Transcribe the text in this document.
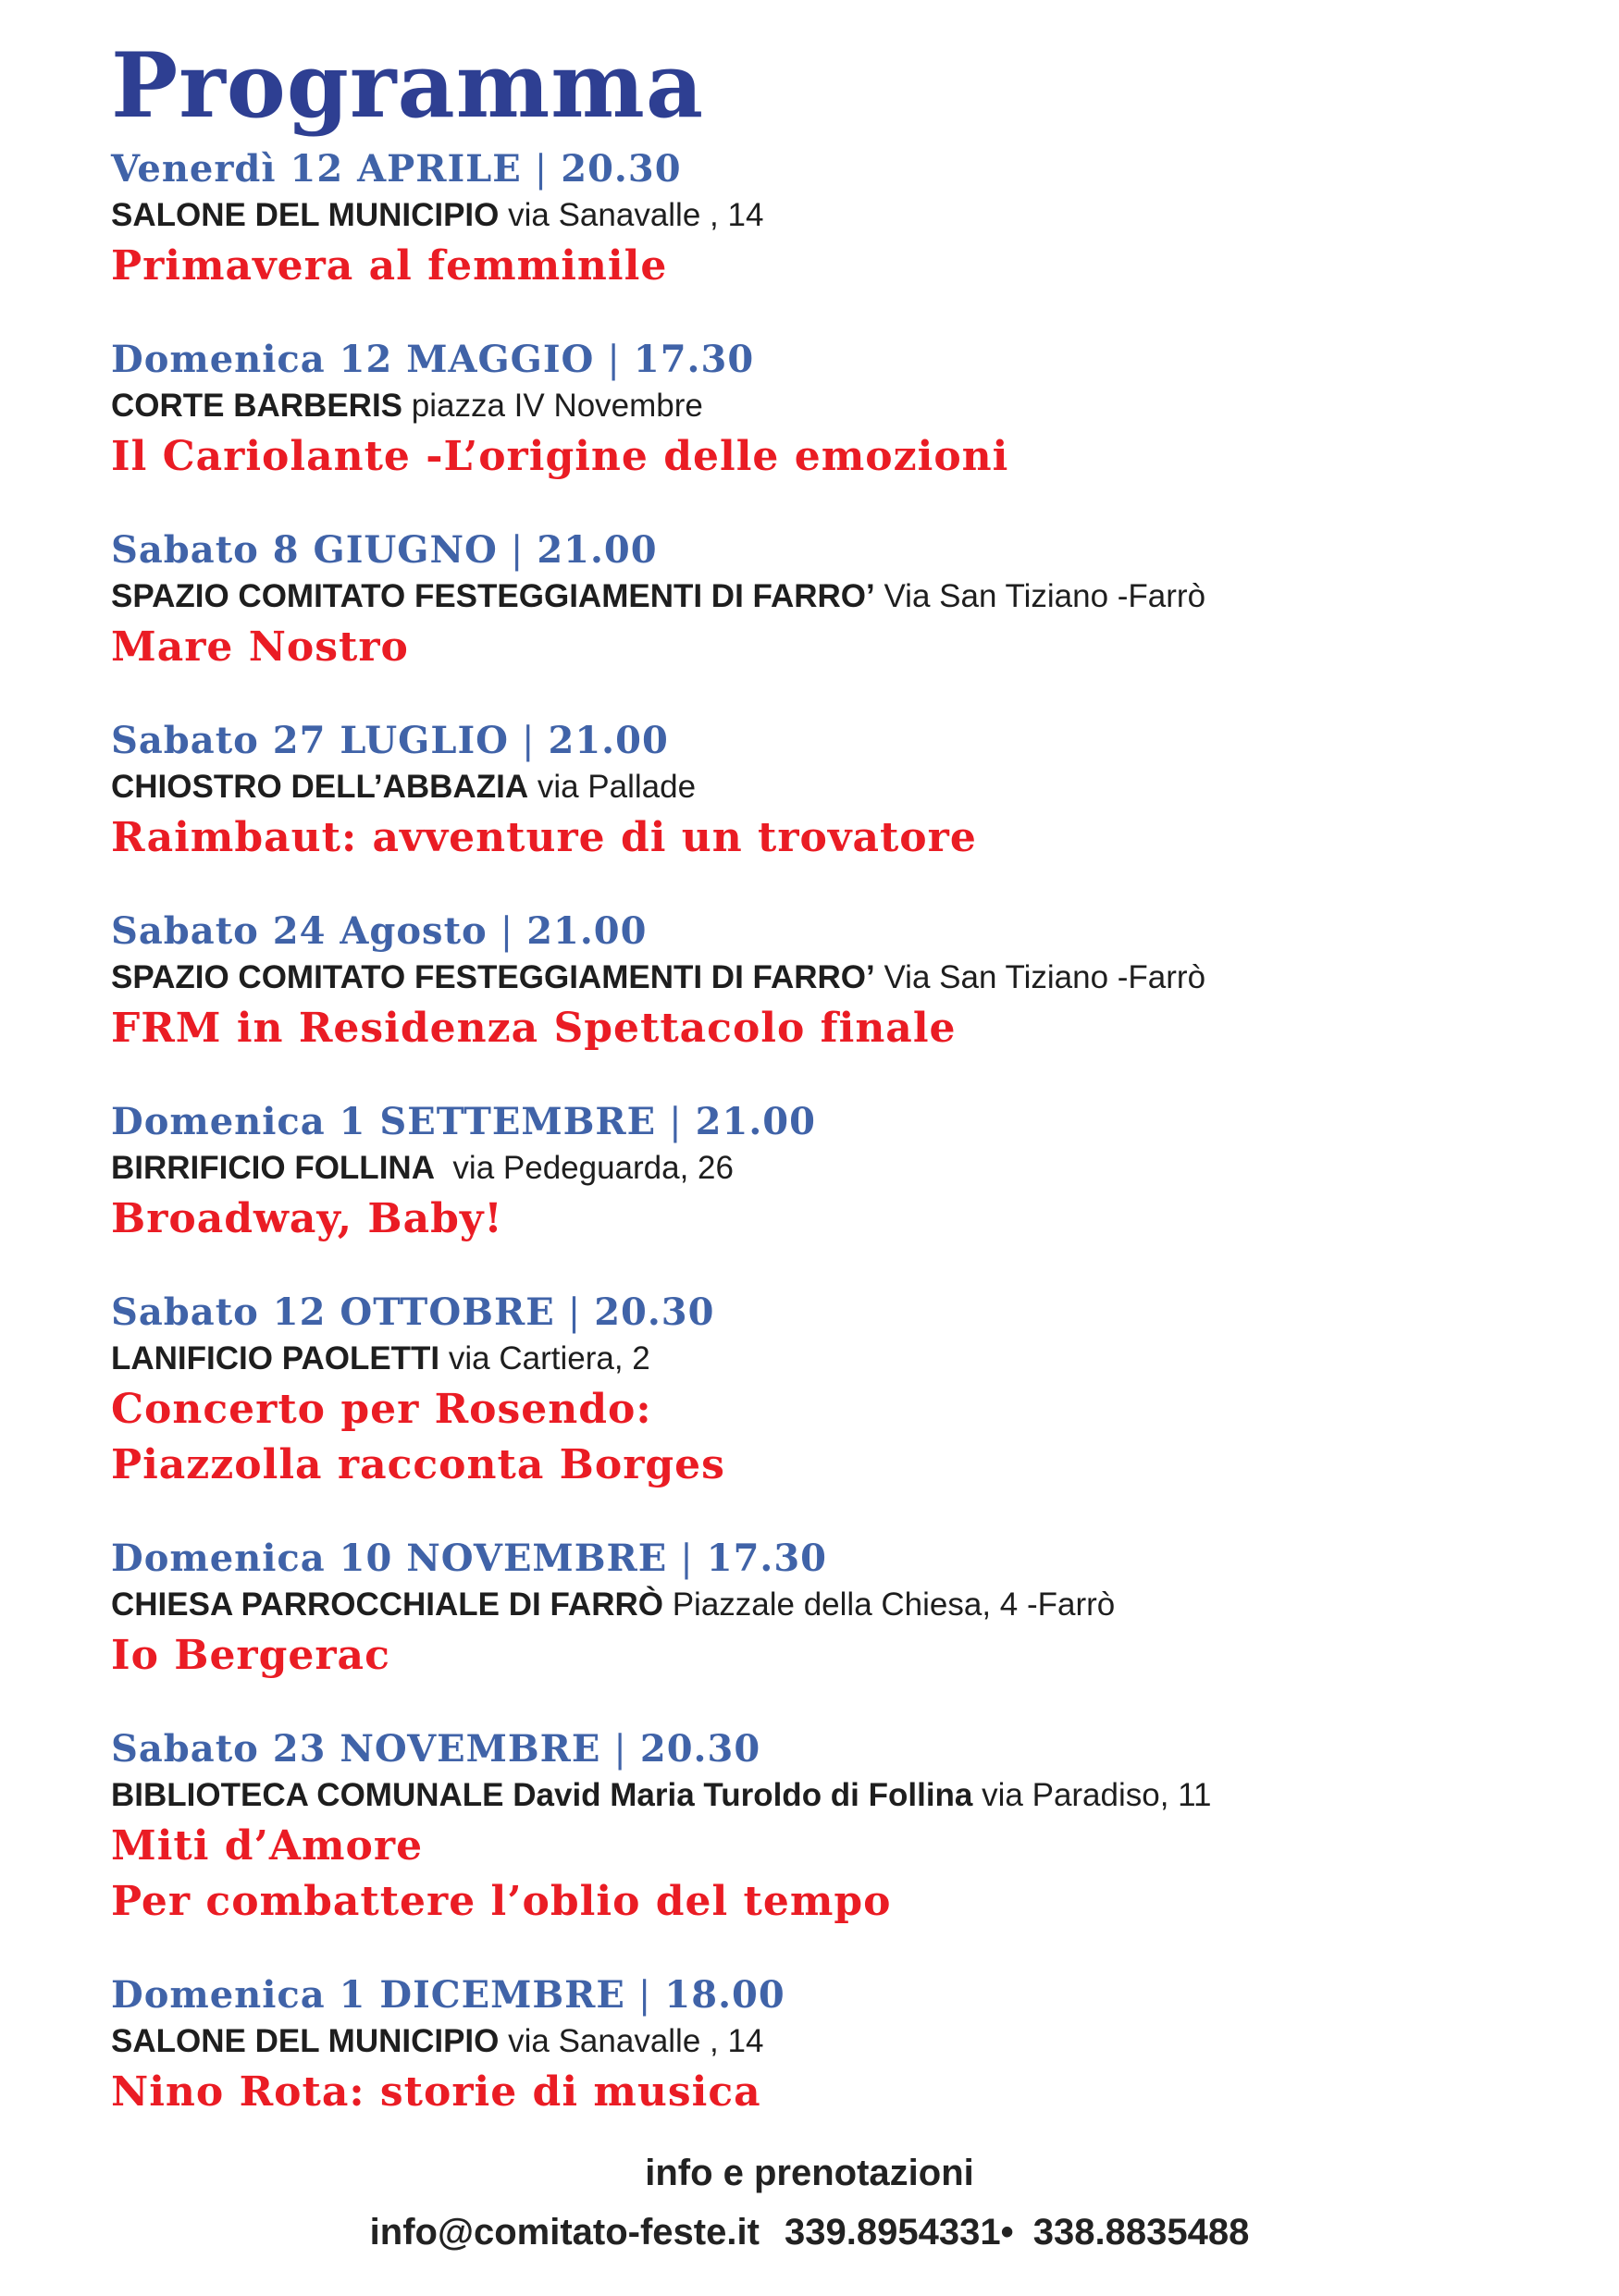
Programma
Venerdì 12 APRILE | 20.30
SALONE DEL MUNICIPIO via Sanavalle , 14
Primavera al femminile
Domenica 12 MAGGIO | 17.30
CORTE BARBERIS piazza IV Novembre
Il Cariolante -L’origine delle emozioni
Sabato 8 GIUGNO | 21.00
SPAZIO COMITATO FESTEGGIAMENTI DI FARRO’ Via San Tiziano -Farrò
Mare Nostro
Sabato 27 LUGLIO | 21.00
CHIOSTRO DELL’ABBAZIA via Pallade
Raimbaut: avventure di un trovatore
Sabato 24 Agosto | 21.00
SPAZIO COMITATO FESTEGGIAMENTI DI FARRO’ Via San Tiziano -Farrò
FRM in Residenza Spettacolo finale
Domenica 1 SETTEMBRE | 21.00
BIRRIFICIO FOLLINA  via Pedeguarda, 26
Broadway, Baby!
Sabato 12 OTTOBRE | 20.30
LANIFICIO PAOLETTI via Cartiera, 2
Concerto per Rosendo:
Piazzolla racconta Borges
Domenica 10 NOVEMBRE | 17.30
CHIESA PARROCCHIALE DI FARRÒ Piazzale della Chiesa, 4 -Farrò
Io Bergerac
Sabato 23 NOVEMBRE | 20.30
BIBLIOTECA COMUNALE David Maria Turoldo di Follina via Paradiso, 11
Miti d’Amore
Per combattere l’oblio del tempo
Domenica 1 DICEMBRE | 18.00
SALONE DEL MUNICIPIO via Sanavalle , 14
Nino Rota: storie di musica
info e prenotazioni
info@comitato-feste.it 339.8954331• 338.8835488
